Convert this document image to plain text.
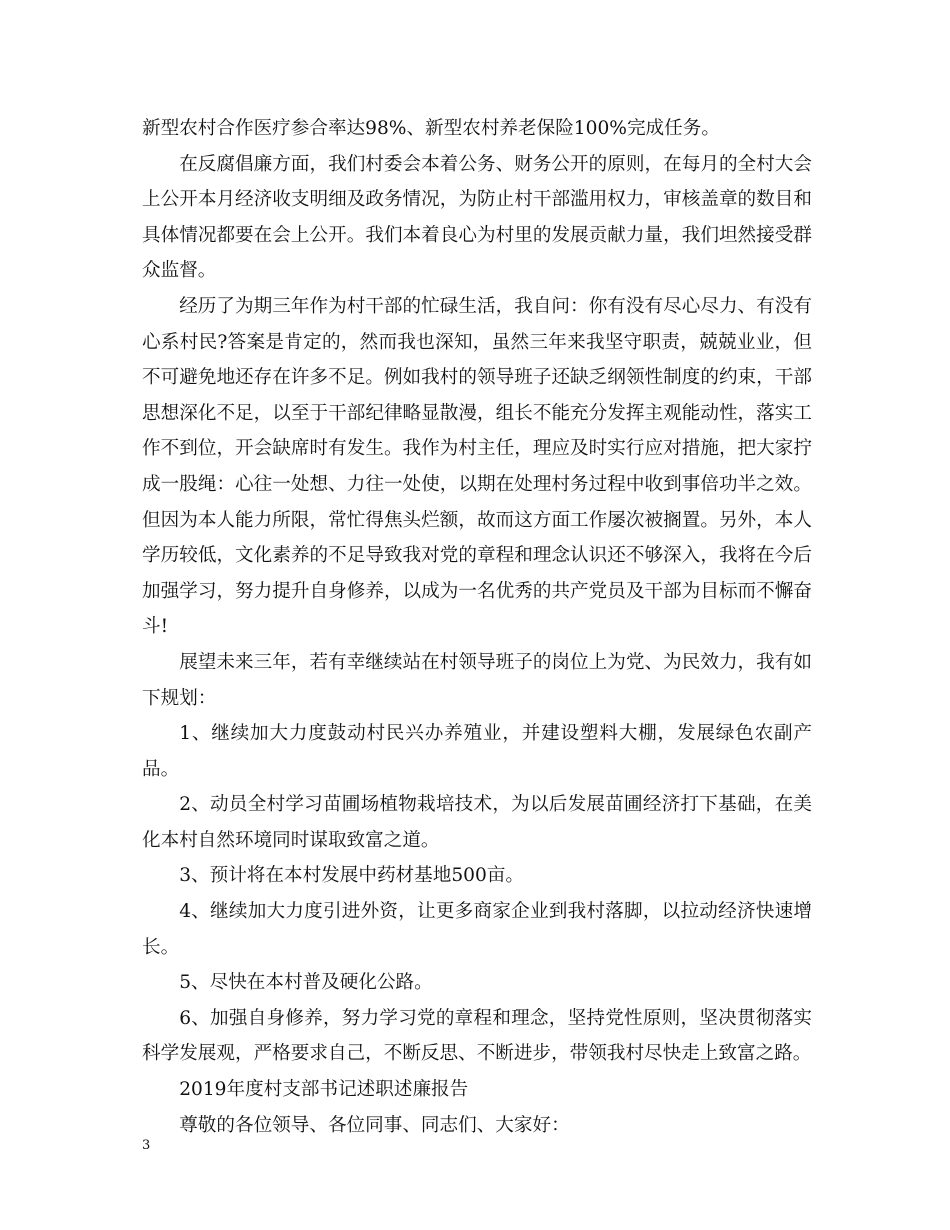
新型农村合作医疗参合率达98%、新型农村养老保险100%完成任务。

在反腐倡廉方面，我们村委会本着公务、财务公开的原则，在每月的全村大会上公开本月经济收支明细及政务情况，为防止村干部滥用权力，审核盖章的数目和具体情况都要在会上公开。我们本着良心为村里的发展贡献力量，我们坦然接受群众监督。

经历了为期三年作为村干部的忙碌生活，我自问：你有没有尽心尽力、有没有心系村民?答案是肯定的，然而我也深知，虽然三年来我坚守职责，兢兢业业，但不可避免地还存在许多不足。例如我村的领导班子还缺乏纲领性制度的约束，干部思想深化不足，以至于干部纪律略显散漫，组长不能充分发挥主观能动性，落实工作不到位，开会缺席时有发生。我作为村主任，理应及时实行应对措施，把大家拧成一股绳：心往一处想、力往一处使，以期在处理村务过程中收到事倍功半之效。但因为本人能力所限，常忙得焦头烂额，故而这方面工作屡次被搁置。另外，本人学历较低，文化素养的不足导致我对党的章程和理念认识还不够深入，我将在今后加强学习，努力提升自身修养，以成为一名优秀的共产党员及干部为目标而不懈奋斗!

展望未来三年，若有幸继续站在村领导班子的岗位上为党、为民效力，我有如下规划：

1、继续加大力度鼓动村民兴办养殖业，并建设塑料大棚，发展绿色农副产品。

2、动员全村学习苗圃场植物栽培技术，为以后发展苗圃经济打下基础，在美化本村自然环境同时谋取致富之道。

3、预计将在本村发展中药材基地500亩。

4、继续加大力度引进外资，让更多商家企业到我村落脚，以拉动经济快速增长。

5、尽快在本村普及硬化公路。

6、加强自身修养，努力学习党的章程和理念，坚持党性原则，坚决贯彻落实科学发展观，严格要求自己，不断反思、不断进步，带领我村尽快走上致富之路。

2019年度村支部书记述职述廉报告

尊敬的各位领导、各位同事、同志们、大家好：

3
